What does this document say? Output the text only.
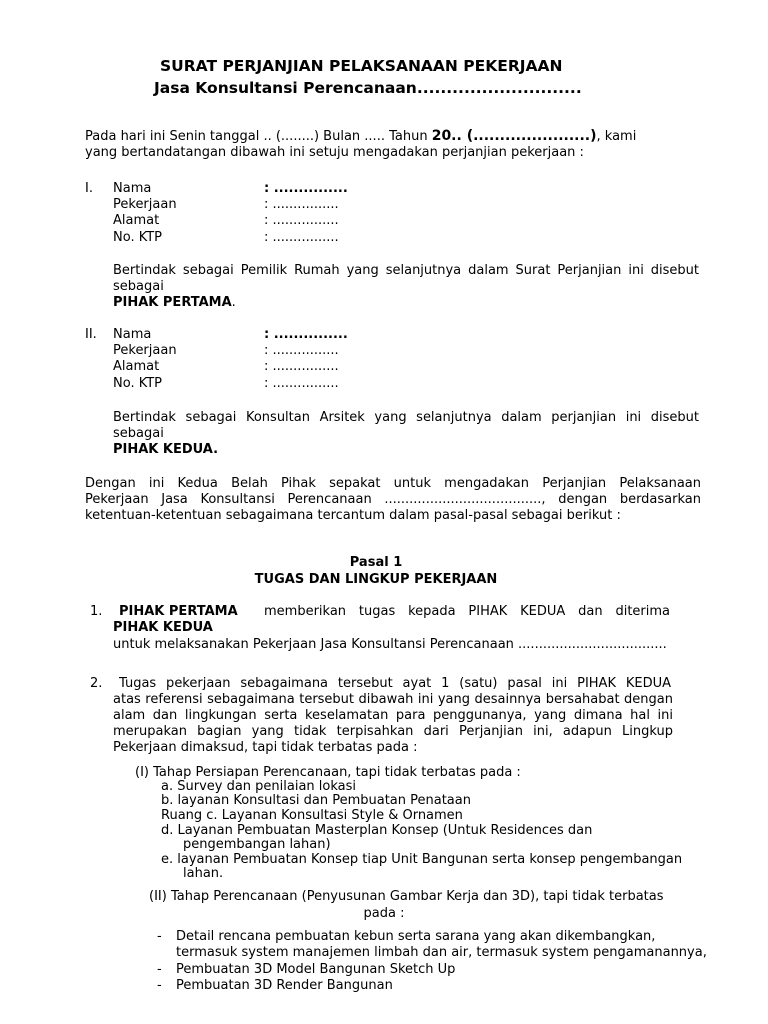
SURAT PERJANJIAN PELAKSANAAN PEKERJAAN
Jasa Konsultansi Perencanaan............................
Pada hari ini Senin tanggal .. (........) Bulan ..... Tahun 20.. (......................), kami
yang bertandatangan dibawah ini setuju mengadakan perjanjian pekerjaan :
I. Nama	: ...............
Pekerjaan	: ................
Alamat	: ................
No. KTP	: ................
Bertindak sebagai Pemilik Rumah yang selanjutnya dalam Surat Perjanjian ini disebut
sebagai
PIHAK PERTAMA.
II. Nama	: ...............
Pekerjaan	: ................
Alamat	: ................
No. KTP	: ................
Bertindak sebagai Konsultan Arsitek yang selanjutnya dalam perjanjian ini disebut
sebagai
PIHAK KEDUA.
Dengan ini Kedua Belah Pihak sepakat untuk mengadakan Perjanjian Pelaksanaan
Pekerjaan Jasa Konsultansi Perencanaan ......................................, dengan berdasarkan
ketentuan-ketentuan sebagaimana tercantum dalam pasal-pasal sebagai berikut :
Pasal 1
TUGAS DAN LINGKUP PEKERJAAN
1. PIHAK PERTAMA memberikan tugas kepada PIHAK KEDUA dan diterima
PIHAK KEDUA
untuk melaksanakan Pekerjaan Jasa Konsultansi Perencanaan ....................................
2. Tugas pekerjaan sebagaimana tersebut ayat 1 (satu) pasal ini PIHAK KEDUA
atas referensi sebagaimana tersebut dibawah ini yang desainnya bersahabat dengan
alam dan lingkungan serta keselamatan para penggunanya, yang dimana hal ini
merupakan bagian yang tidak terpisahkan dari Perjanjian ini, adapun Lingkup
Pekerjaan dimaksud, tapi tidak terbatas pada :
(I) Tahap Persiapan Perencanaan, tapi tidak terbatas pada :
a. Survey dan penilaian lokasi
b. layanan Konsultasi dan Pembuatan Penataan
Ruang c. Layanan Konsultasi Style & Ornamen
d. Layanan Pembuatan Masterplan Konsep (Untuk Residences dan
pengembangan lahan)
e. layanan Pembuatan Konsep tiap Unit Bangunan serta konsep pengembangan
lahan.
(II) Tahap Perencanaan (Penyusunan Gambar Kerja dan 3D), tapi tidak terbatas
pada :
- Detail rencana pembuatan kebun serta sarana yang akan dikembangkan,
termasuk system manajemen limbah dan air, termasuk system pengamanannya,
- Pembuatan 3D Model Bangunan Sketch Up
- Pembuatan 3D Render Bangunan
